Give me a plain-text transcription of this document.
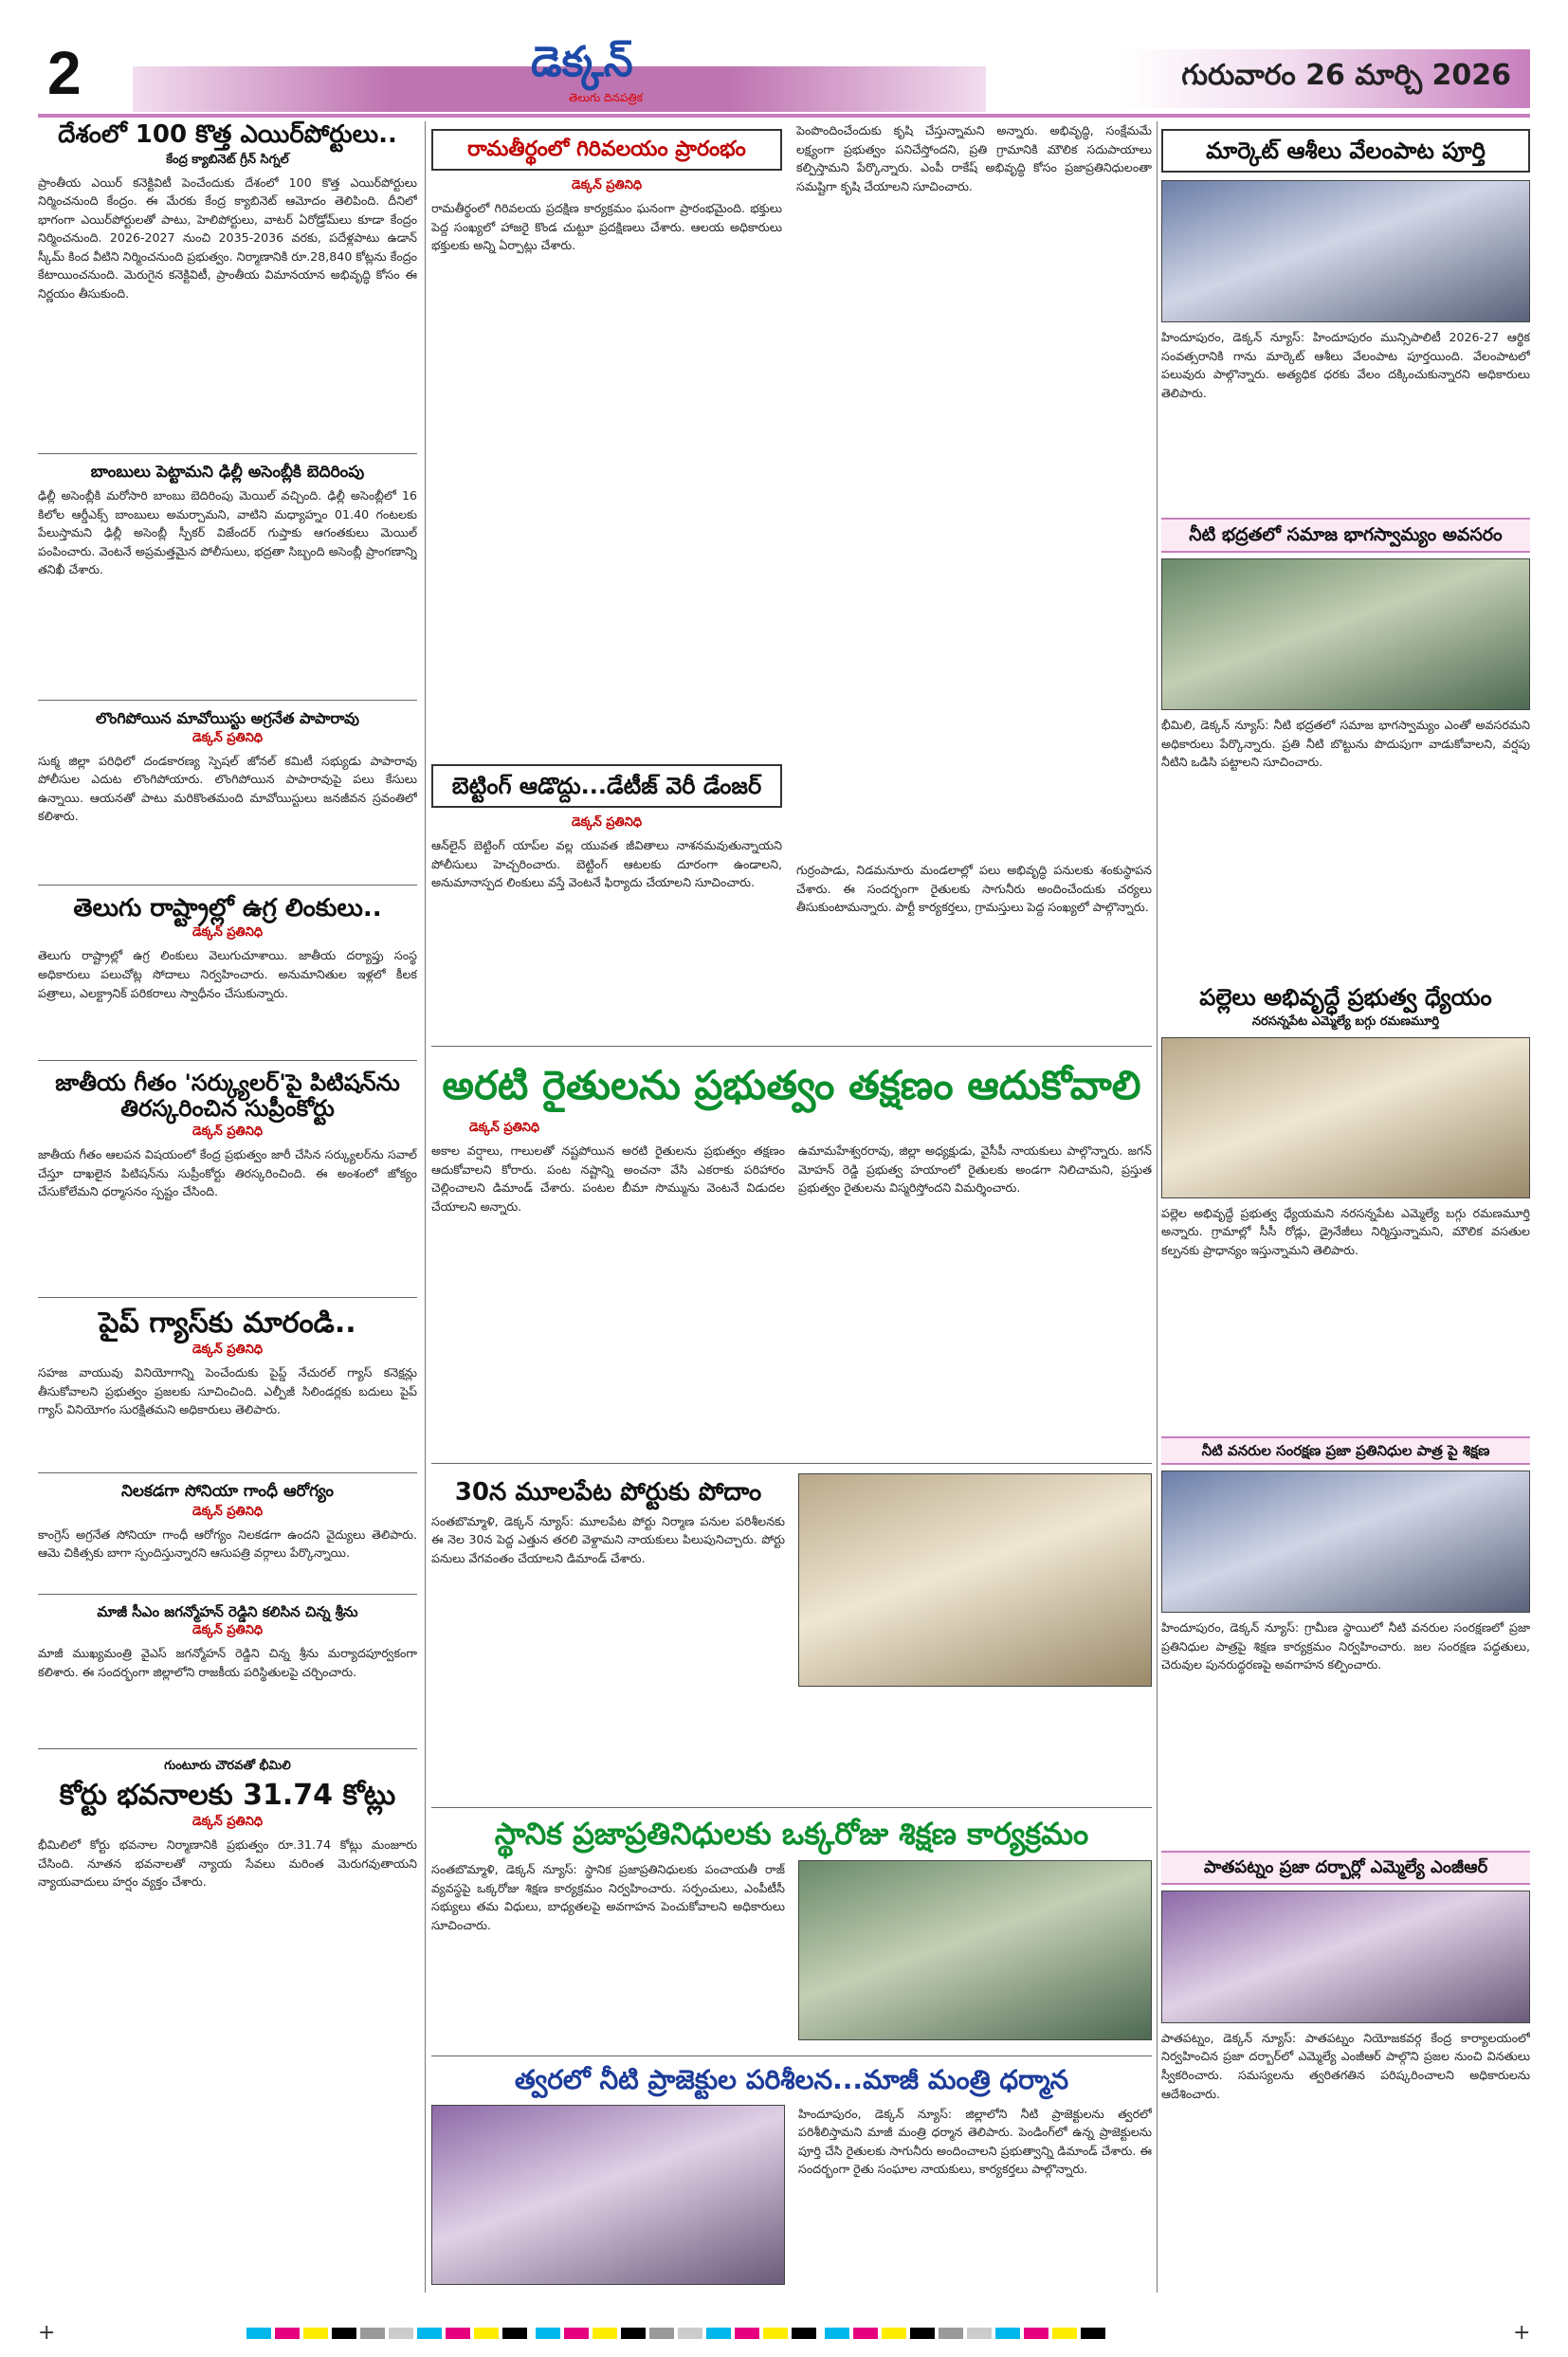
2	డెక్కన్
తెలుగు దినపత్రిక
గురువారం 26 మార్చి 2026
దేశంలో 100 కొత్త ఎయిర్‌పోర్టులు..
కేంద్ర క్యాబినెట్ గ్రీన్ సిగ్నల్

ప్రాంతీయ ఎయిర్ కనెక్టివిటీ పెంచేందుకు దేశంలో 100 కొత్త ఎయిర్‌పోర్టులు నిర్మించనుంది కేంద్రం. ఈ మేరకు కేంద్ర క్యాబినెట్ ఆమోదం తెలిపింది. దీనిలో భాగంగా ఎయిర్‌పోర్టులతో పాటు, హెలిపోర్టులు, వాటర్ ఏరోడ్రోమ్‌లు కూడా కేంద్రం నిర్మించనుంది. 2026-2027 నుంచి 2035-2036 వరకు, పదేళ్లపాటు ఉడాన్ స్కీమ్ కింద వీటిని నిర్మించనుంది ప్రభుత్వం. నిర్మాణానికి రూ.28,840 కోట్లను కేంద్రం కేటాయించనుంది. మెరుగైన కనెక్టివిటీ, ప్రాంతీయ విమానయాన అభివృద్ధి కోసం ఈ నిర్ణయం తీసుకుంది.

బాంబులు పెట్టామని ఢిల్లీ అసెంబ్లీకి బెదిరింపు

ఢిల్లీ అసెంబ్లీకి మరోసారి బాంబు బెదిరింపు మెయిల్ వచ్చింది. ఢిల్లీ అసెంబ్లీలో 16 కిలోల ఆర్డీఎక్స్ బాంబులు అమర్చామని, వాటిని మధ్యాహ్నం 01.40 గంటలకు పేలుస్తామని ఢిల్లీ అసెంబ్లీ స్పీకర్ విజేందర్ గుప్తాకు ఆగంతకులు మెయిల్ పంపించారు. వెంటనే అప్రమత్తమైన పోలీసులు, భద్రతా సిబ్బంది అసెంబ్లీ ప్రాంగణాన్ని తనిఖీ చేశారు.

లొంగిపోయిన మావోయిస్టు అగ్రనేత పాపారావు
డెక్కన్ ప్రతినిధి

సుక్మ‌ జిల్లా పరిధిలో దండకారణ్య స్పెషల్ జోనల్ కమిటీ సభ్యుడు పాపారావు పోలీసుల ఎదుట లొంగిపోయారు. లొంగిపోయిన పాపారావుపై పలు కేసులు ఉన్నాయి. ఆయనతో పాటు మరికొంతమంది మావోయిస్టులు జనజీవన స్రవంతిలో కలిశారు.

తెలుగు రాష్ట్రాల్లో ఉగ్ర లింకులు..
డెక్కన్ ప్రతినిధి

తెలుగు రాష్ట్రాల్లో ఉగ్ర లింకులు వెలుగుచూశాయి. జాతీయ దర్యాప్తు సంస్థ అధికారులు పలుచోట్ల సోదాలు నిర్వహించారు. అనుమానితుల ఇళ్లలో కీలక పత్రాలు, ఎలక్ట్రానిక్ పరికరాలు స్వాధీనం చేసుకున్నారు.

జాతీయ గీతం 'సర్క్యులర్'పై పిటిషన్‌ను తిరస్కరించిన సుప్రీంకోర్టు
డెక్కన్ ప్రతినిధి

జాతీయ గీతం ఆలపన విషయంలో కేంద్ర ప్రభుత్వం జారీ చేసిన సర్క్యులర్‌ను సవాల్ చేస్తూ దాఖలైన పిటిషన్‌ను సుప్రీంకోర్టు తిరస్కరించింది. ఈ అంశంలో జోక్యం చేసుకోలేమని ధర్మాసనం స్పష్టం చేసింది.

పైప్ గ్యాస్‌కు మారండి..
డెక్కన్ ప్రతినిధి

సహజ వాయువు వినియోగాన్ని పెంచేందుకు పైప్డ్ నేచురల్ గ్యాస్ కనెక్షన్లు తీసుకోవాలని ప్రభుత్వం ప్రజలకు సూచించింది. ఎల్పీజీ సిలిండర్లకు బదులు పైప్ గ్యాస్ వినియోగం సురక్షితమని అధికారులు తెలిపారు.

నిలకడగా సోనియా గాంధీ ఆరోగ్యం
డెక్కన్ ప్రతినిధి

కాంగ్రెస్ అగ్రనేత సోనియా గాంధీ ఆరోగ్యం నిలకడగా ఉందని వైద్యులు తెలిపారు. ఆమె చికిత్సకు బాగా స్పందిస్తున్నారని ఆసుపత్రి వర్గాలు పేర్కొన్నాయి.

మాజీ సీఎం జగన్మోహన్ రెడ్డిని కలిసిన చిన్న శ్రీను
డెక్కన్ ప్రతినిధి

మాజీ ముఖ్యమంత్రి వైఎస్ జగన్మోహన్ రెడ్డిని చిన్న శ్రీను మర్యాదపూర్వకంగా కలిశారు. ఈ సందర్భంగా జిల్లాలోని రాజకీయ పరిస్థితులపై చర్చించారు.

గుంటూరు చౌరవతో భీమిలి
కోర్టు భవనాలకు 31.74 కోట్లు
డెక్కన్ ప్రతినిధి

భీమిలిలో కోర్టు భవనాల నిర్మాణానికి ప్రభుత్వం రూ.31.74 కోట్లు మంజూరు చేసింది. నూతన భవనాలతో న్యాయ సేవలు మరింత మెరుగవుతాయని న్యాయవాదులు హర్షం వ్యక్తం చేశారు.

రామతీర్థంలో గిరివలయం ప్రారంభం
డెక్కన్ ప్రతినిధి

రామతీర్థంలో గిరివలయ ప్రదక్షిణ కార్యక్రమం ఘనంగా ప్రారంభమైంది. భక్తులు పెద్ద సంఖ్యలో హాజరై కొండ చుట్టూ ప్రదక్షిణలు చేశారు. ఆలయ అధికారులు భక్తులకు అన్ని ఏర్పాట్లు చేశారు.

పెంపొందించేందుకు కృషి చేస్తున్నామని అన్నారు. అభివృద్ధి, సంక్షేమమే లక్ష్యంగా ప్రభుత్వం పనిచేస్తోందని, ప్రతి గ్రామానికి మౌలిక సదుపాయాలు కల్పిస్తామని పేర్కొన్నారు. ఎంపీ రాకేష్ అభివృద్ధి కోసం ప్రజాప్రతినిధులంతా సమష్టిగా కృషి చేయాలని సూచించారు.

బెట్టింగ్ ఆడొద్దు...డేటీజ్ వెరీ డేంజర్
డెక్కన్ ప్రతినిధి

ఆన్‌లైన్ బెట్టింగ్ యాప్‌ల వల్ల యువత జీవితాలు నాశనమవుతున్నాయని పోలీసులు హెచ్చరించారు. బెట్టింగ్ ఆటలకు దూరంగా ఉండాలని, అనుమానాస్పద లింకులు వస్తే వెంటనే ఫిర్యాదు చేయాలని సూచించారు.

గుర్రంపాడు, నిడమనూరు మండలాల్లో పలు అభివృద్ధి పనులకు శంకుస్థాపన చేశారు. ఈ సందర్భంగా రైతులకు సాగునీరు అందించేందుకు చర్యలు తీసుకుంటామన్నారు. పార్టీ కార్యకర్తలు, గ్రామస్తులు పెద్ద సంఖ్యలో పాల్గొన్నారు.

అరటి రైతులను ప్రభుత్వం తక్షణం ఆదుకోవాలి
డెక్కన్ ప్రతినిధి

అకాల వర్షాలు, గాలులతో నష్టపోయిన అరటి రైతులను ప్రభుత్వం తక్షణం ఆదుకోవాలని కోరారు. పంట నష్టాన్ని అంచనా వేసి ఎకరాకు పరిహారం చెల్లించాలని డిమాండ్ చేశారు. పంటల బీమా సొమ్మును వెంటనే విడుదల చేయాలని అన్నారు.

ఉమామహేశ్వరరావు, జిల్లా అధ్యక్షుడు, వైసీపీ నాయకులు పాల్గొన్నారు. జగన్ మోహన్ రెడ్డి ప్రభుత్వ హయాంలో రైతులకు అండగా నిలిచామని, ప్రస్తుత ప్రభుత్వం రైతులను విస్మరిస్తోందని విమర్శించారు.

30న మూలపేట పోర్టుకు పోదాం

సంతబొమ్మాళి, డెక్కన్ న్యూస్: మూలపేట పోర్టు నిర్మాణ పనుల పరిశీలనకు ఈ నెల 30న పెద్ద ఎత్తున తరలి వెళ్దామని నాయకులు పిలుపునిచ్చారు. పోర్టు పనులు వేగవంతం చేయాలని డిమాండ్ చేశారు.

స్థానిక ప్రజాప్రతినిధులకు ఒక్కరోజు శిక్షణ కార్యక్రమం

సంతబొమ్మాళి, డెక్కన్ న్యూస్: స్థానిక ప్రజాప్రతినిధులకు పంచాయతీ రాజ్ వ్యవస్థపై ఒక్కరోజు శిక్షణ కార్యక్రమం నిర్వహించారు. సర్పంచులు, ఎంపీటీసీ సభ్యులు తమ విధులు, బాధ్యతలపై అవగాహన పెంచుకోవాలని అధికారులు సూచించారు.

త్వరలో నీటి ప్రాజెక్టుల పరిశీలన...మాజీ మంత్రి ధర్మాన

హిందూపురం, డెక్కన్ న్యూస్: జిల్లాలోని నీటి ప్రాజెక్టులను త్వరలో పరిశీలిస్తామని మాజీ మంత్రి ధర్మాన తెలిపారు. పెండింగ్‌లో ఉన్న ప్రాజెక్టులను పూర్తి చేసి రైతులకు సాగునీరు అందించాలని ప్రభుత్వాన్ని డిమాండ్ చేశారు. ఈ సందర్భంగా రైతు సంఘాల నాయకులు, కార్యకర్తలు పాల్గొన్నారు.

మార్కెట్ ఆశీలు వేలంపాట పూర్తి

హిందూపురం, డెక్కన్ న్యూస్: హిందూపురం మున్సిపాలిటీ 2026-27 ఆర్థిక సంవత్సరానికి గాను మార్కెట్ ఆశీలు వేలంపాట పూర్తయింది. వేలంపాటలో పలువురు పాల్గొన్నారు. అత్యధిక ధరకు వేలం దక్కించుకున్నారని అధికారులు తెలిపారు.

నీటి భద్రతలో సమాజ భాగస్వామ్యం అవసరం

భీమిలి, డెక్కన్ న్యూస్: నీటి భద్రతలో సమాజ భాగస్వామ్యం ఎంతో అవసరమని అధికారులు పేర్కొన్నారు. ప్రతి నీటి బొట్టును పొదుపుగా వాడుకోవాలని, వర్షపు నీటిని ఒడిసి పట్టాలని సూచించారు.

పల్లెలు అభివృద్ధే ప్రభుత్వ ధ్యేయం
నరసన్నపేట ఎమ్మెల్యే బగ్గు రమణమూర్తి

పల్లెల అభివృద్ధే ప్రభుత్వ ధ్యేయమని నరసన్నపేట ఎమ్మెల్యే బగ్గు రమణమూర్తి అన్నారు. గ్రామాల్లో సీసీ రోడ్లు, డ్రైనేజీలు నిర్మిస్తున్నామని, మౌలిక వసతుల కల్పనకు ప్రాధాన్యం ఇస్తున్నామని తెలిపారు.

నీటి వనరుల సంరక్షణ ప్రజా ప్రతినిధుల పాత్ర పై శిక్షణ

హిందూపురం, డెక్కన్ న్యూస్: గ్రామీణ స్థాయిలో నీటి వనరుల సంరక్షణలో ప్రజా ప్రతినిధుల పాత్రపై శిక్షణ కార్యక్రమం నిర్వహించారు. జల సంరక్షణ పద్ధతులు, చెరువుల పునరుద్ధరణపై అవగాహన కల్పించారు.

పాతపట్నం ప్రజా దర్బార్లో ఎమ్మెల్యే ఎంజీఆర్

పాతపట్నం, డెక్కన్ న్యూస్: పాతపట్నం నియోజకవర్గ కేంద్ర కార్యాలయంలో నిర్వహించిన ప్రజా దర్బార్‌లో ఎమ్మెల్యే ఎంజీఆర్ పాల్గొని ప్రజల నుంచి వినతులు స్వీకరించారు. సమస్యలను త్వరితగతిన పరిష్కరించాలని అధికారులను ఆదేశించారు.

+	+
